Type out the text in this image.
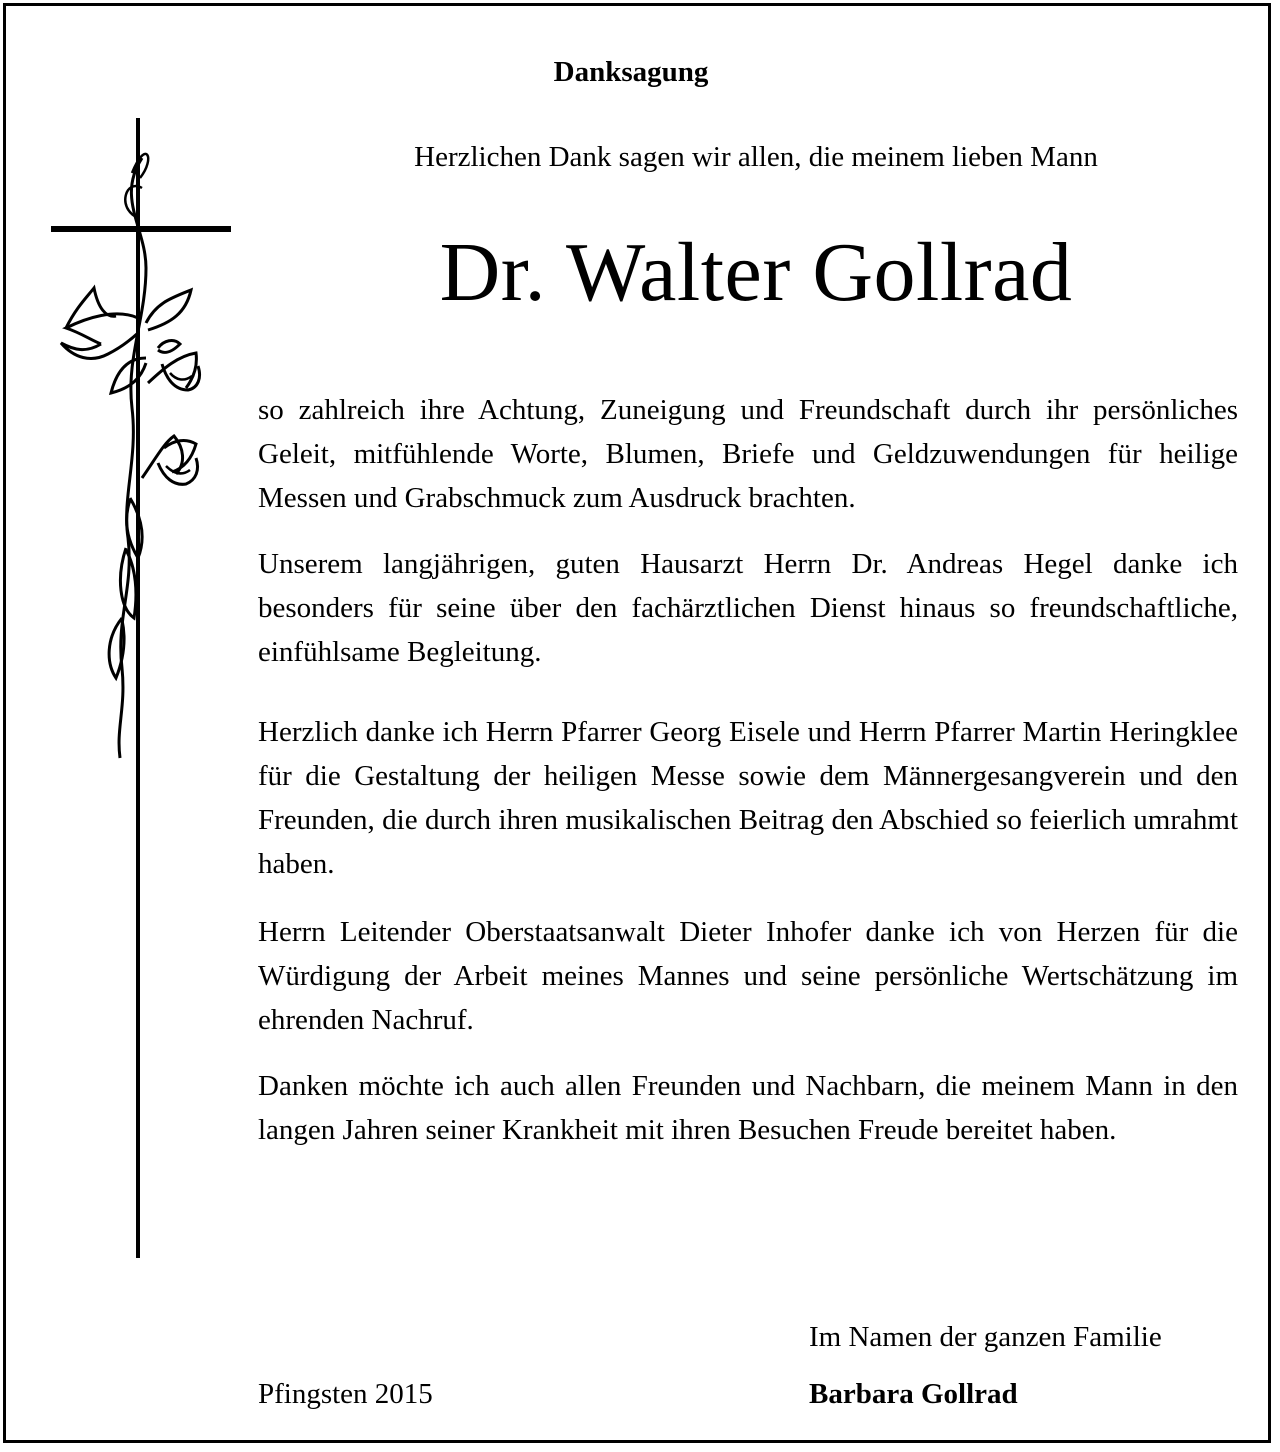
Danksagung
Herzlichen Dank sagen wir allen, die meinem lieben Mann
Dr. Walter Gollrad

so zahlreich ihre Achtung, Zuneigung und Freundschaft durch ihr persönliches Geleit, mitfühlende Worte, Blumen, Briefe und Geldzuwendungen für heilige Messen und Grabschmuck zum Ausdruck brachten.

Unserem langjährigen, guten Hausarzt Herrn Dr. Andreas Hegel danke ich besonders für seine über den fachärztlichen Dienst hinaus so freundschaftliche, einfühlsame Begleitung.

Herzlich danke ich Herrn Pfarrer Georg Eisele und Herrn Pfarrer Martin Heringklee für die Gestaltung der heiligen Messe sowie dem Männergesangverein und den Freunden, die durch ihren musikalischen Beitrag den Abschied so feierlich umrahmt haben.

Herrn Leitender Oberstaatsanwalt Dieter Inhofer danke ich von Herzen für die Würdigung der Arbeit meines Mannes und seine persönliche Wertschätzung im ehrenden Nachruf.

Danken möchte ich auch allen Freunden und Nachbarn, die meinem Mann in den langen Jahren seiner Krankheit mit ihren Besuchen Freude bereitet haben.

Im Namen der ganzen Familie
Pfingsten 2015	Barbara Gollrad
